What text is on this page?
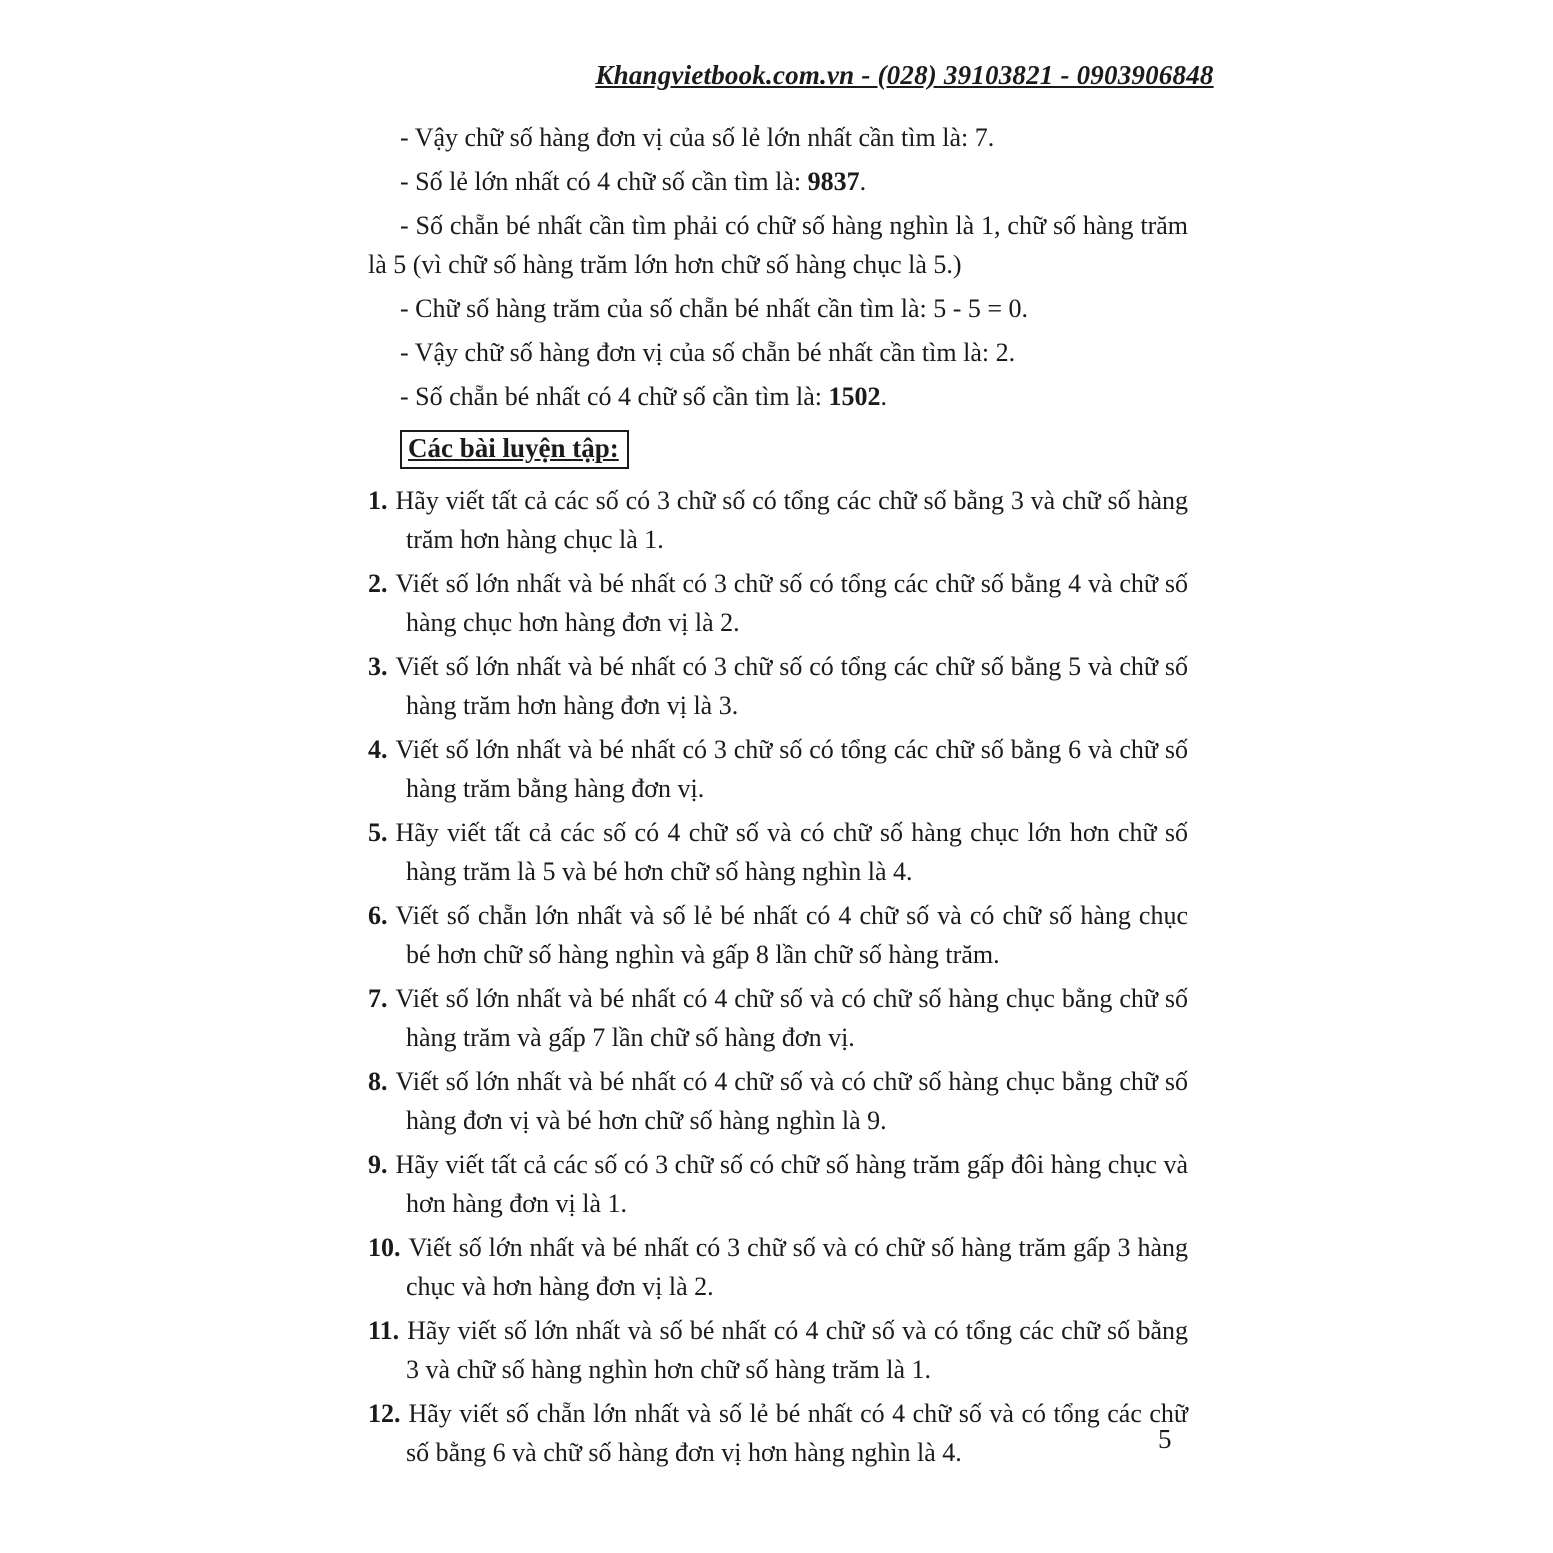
Khangvietbook.com.vn - (028) 39103821 - 0903906848

- Vậy chữ số hàng đơn vị của số lẻ lớn nhất cần tìm là: 7.

- Số lẻ lớn nhất có 4 chữ số cần tìm là: 9837.

- Số chẵn bé nhất cần tìm phải có chữ số hàng nghìn là 1, chữ số hàng trăm là 5 (vì chữ số hàng trăm lớn hơn chữ số hàng chục là 5.)

- Chữ số hàng trăm của số chẵn bé nhất cần tìm là: 5 - 5 = 0.

- Vậy chữ số hàng đơn vị của số chẵn bé nhất cần tìm là: 2.

- Số chẵn bé nhất có 4 chữ số cần tìm là: 1502.

Các bài luyện tập:
1. Hãy viết tất cả các số có 3 chữ số có tổng các chữ số bằng 3 và chữ số hàng trăm hơn hàng chục là 1.
2. Viết số lớn nhất và bé nhất có 3 chữ số có tổng các chữ số bằng 4 và chữ số hàng chục hơn hàng đơn vị là 2.
3. Viết số lớn nhất và bé nhất có 3 chữ số có tổng các chữ số bằng 5 và chữ số hàng trăm hơn hàng đơn vị là 3.
4. Viết số lớn nhất và bé nhất có 3 chữ số có tổng các chữ số bằng 6 và chữ số hàng trăm bằng hàng đơn vị.
5. Hãy viết tất cả các số có 4 chữ số và có chữ số hàng chục lớn hơn chữ số hàng trăm là 5 và bé hơn chữ số hàng nghìn là 4.
6. Viết số chẵn lớn nhất và số lẻ bé nhất có 4 chữ số và có chữ số hàng chục bé hơn chữ số hàng nghìn và gấp 8 lần chữ số hàng trăm.
7. Viết số lớn nhất và bé nhất có 4 chữ số và có chữ số hàng chục bằng chữ số hàng trăm và gấp 7 lần chữ số hàng đơn vị.
8. Viết số lớn nhất và bé nhất có 4 chữ số và có chữ số hàng chục bằng chữ số hàng đơn vị và bé hơn chữ số hàng nghìn là 9.
9. Hãy viết tất cả các số có 3 chữ số có chữ số hàng trăm gấp đôi hàng chục và hơn hàng đơn vị là 1.
10. Viết số lớn nhất và bé nhất có 3 chữ số và có chữ số hàng trăm gấp 3 hàng chục và hơn hàng đơn vị là 2.
11. Hãy viết số lớn nhất và số bé nhất có 4 chữ số và có tổng các chữ số bằng 3 và chữ số hàng nghìn hơn chữ số hàng trăm là 1.
12. Hãy viết số chẵn lớn nhất và số lẻ bé nhất có 4 chữ số và có tổng các chữ số bằng 6 và chữ số hàng đơn vị hơn hàng nghìn là 4.	5
